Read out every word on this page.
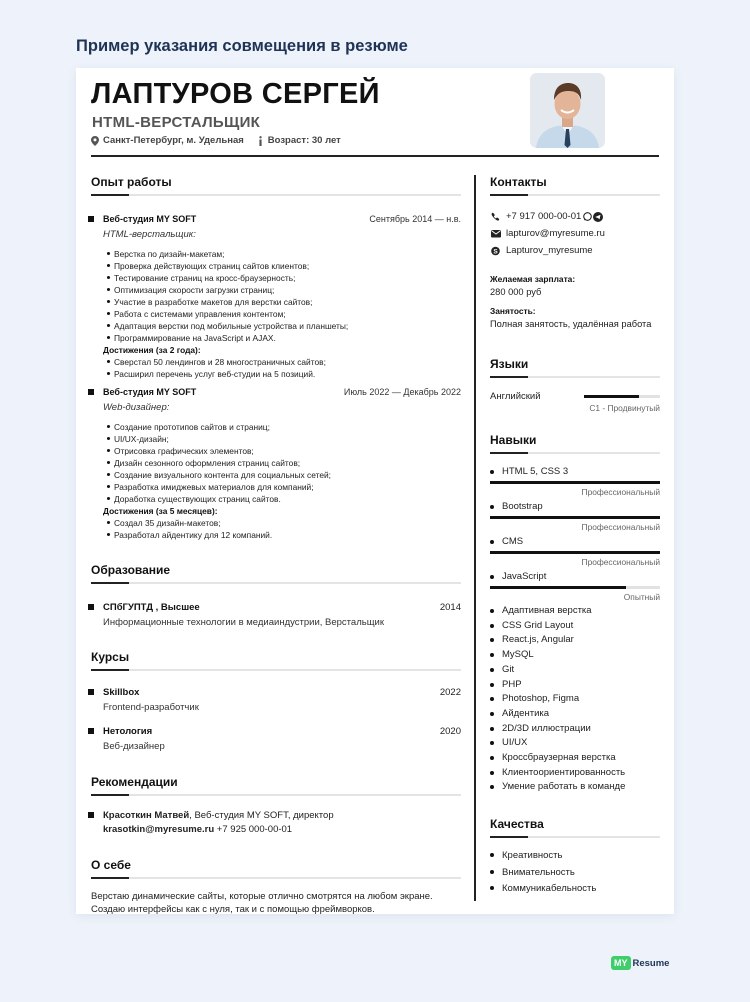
Пример указания совмещения в резюме
ЛАПТУРОВ СЕРГЕЙ
HTML-ВЕРСТАЛЬЩИК
Санкт-Петербург, м. Удельная	Возраст: 30 лет
Опыт работы
Веб-студия MY SOFT	Сентябрь 2014 — н.в.
HTML-верстальщик:
Верстка по дизайн-макетам;
Проверка действующих страниц сайтов клиентов;
Тестирование страниц на кросс-браузерность;
Оптимизация скорости загрузки страниц;
Участие в разработке макетов для верстки сайтов;
Работа с системами управления контентом;
Адаптация верстки под мобильные устройства и планшеты;
Программирование на JavaScript и AJAX.
Достижения (за 2 года):
Сверстал 50 лендингов и 28 многостраничных сайтов;
Расширил перечень услуг веб-студии на 5 позиций.
Веб-студия MY SOFT	Июль 2022 — Декабрь 2022
Web-дизайнер:
Создание прототипов сайтов и страниц;
UI/UX-дизайн;
Отрисовка графических элементов;
Дизайн сезонного оформления страниц сайтов;
Создание визуального контента для социальных сетей;
Разработка имиджевых материалов для компаний;
Доработка существующих страниц сайтов.
Достижения (за 5 месяцев):
Создал 35 дизайн-макетов;
Разработал айдентику для 12 компаний.
Образование
СПбГУПТД , Высшее	2014
Информационные технологии в медиаиндустрии, Верстальщик
Курсы
Skillbox	2022
Frontend-разработчик
Нетология	2020
Веб-дизайнер
Рекомендации
Красоткин Матвей, Веб-студия MY SOFT, директор
krasotkin@myresume.ru +7 925 000-00-01
О себе
Верстаю динамические сайты, которые отлично смотрятся на любом экране. Создаю интерфейсы как с нуля, так и с помощью фреймворков.
Контакты
+7 917 000-00-01
lapturov@myresume.ru
S Lapturov_myresume
Желаемая зарплата:
280 000 руб
Занятость:
Полная занятость, удалённая работа
Языки
Английский
C1 - Продвинутый
Навыки
HTML 5, CSS 3
Профессиональный
Bootstrap
Профессиональный
CMS
Профессиональный
JavaScript
Опытный
Адаптивная верстка
CSS Grid Layout
React.js, Angular
MySQL
Git
PHP
Photoshop, Figma
Айдентика
2D/3D иллюстрации
UI/UX
Кроссбраузерная верстка
Клиентоориентированность
Умение работать в команде
Качества
Креативность
Внимательность
Коммуникабельность
MY Resume
